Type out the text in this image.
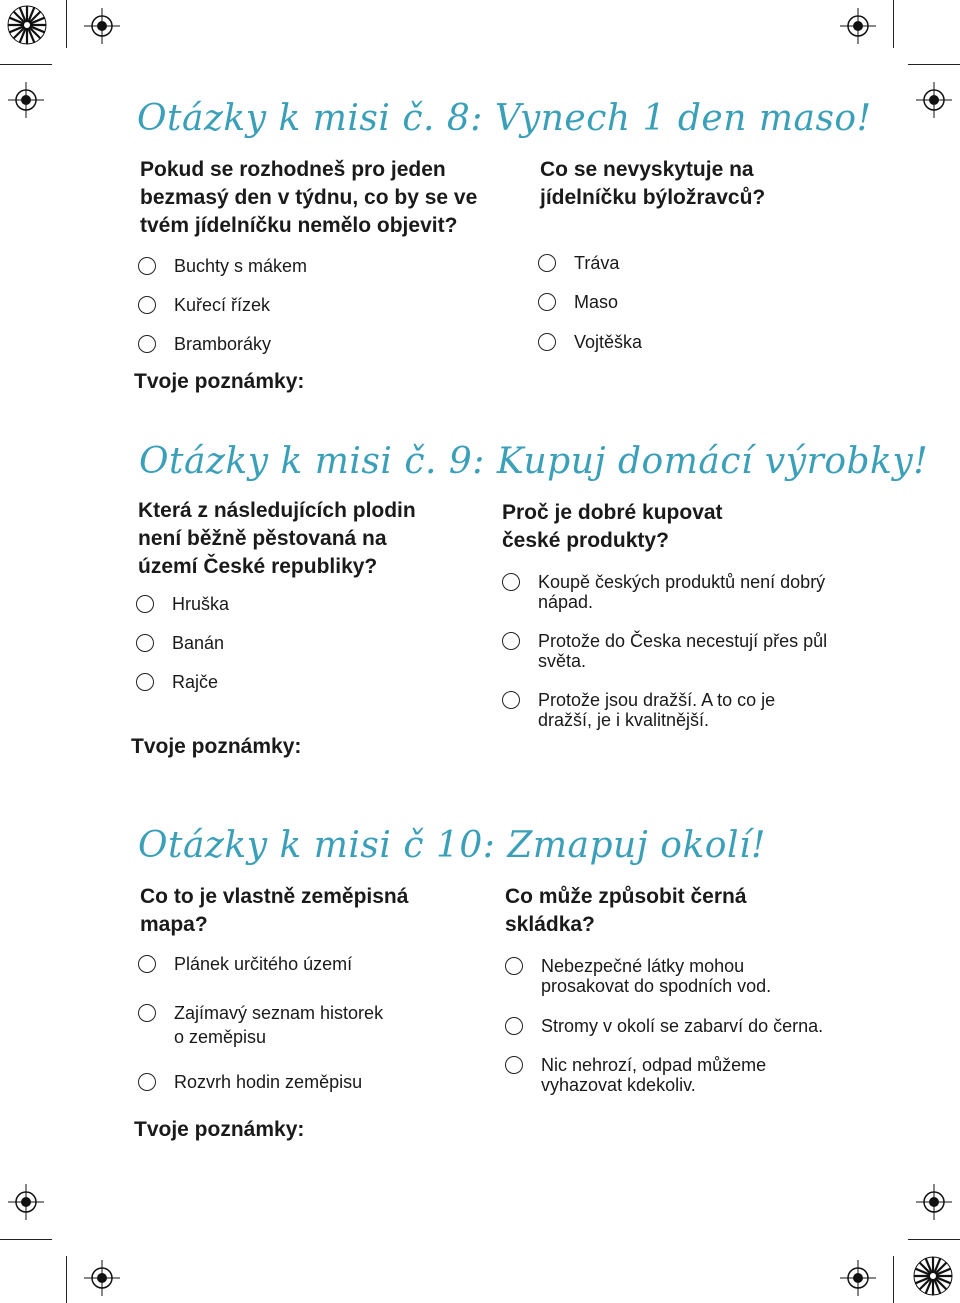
Otázky k misi č. 8: Vynech 1 den maso!
Pokud se rozhodneš pro jeden
bezmasý den v týdnu, co by se ve
tvém jídelníčku nemělo objevit?
Buchty s mákem
Kuřecí řízek
Bramboráky
Co se nevyskytuje na
jídelníčku býložravců?
Tráva
Maso
Vojtěška
Tvoje poznámky:
Otázky k misi č. 9: Kupuj domácí výrobky!
Která z následujících plodin
není běžně pěstovaná na
území České republiky?
Hruška
Banán
Rajče
Tvoje poznámky:
Proč je dobré kupovat
české produkty?
Koupě českých produktů není dobrý
nápad.
Protože do Česka necestují přes půl
světa.
Protože jsou dražší. A to co je
dražší, je i kvalitnější.
Otázky k misi č 10: Zmapuj okolí!
Co to je vlastně zeměpisná
mapa?
Plánek určitého území
Zajímavý seznam historek
o zeměpisu
Rozvrh hodin zeměpisu
Tvoje poznámky:
Co může způsobit černá
skládka?
Nebezpečné látky mohou
prosakovat do spodních vod.
Stromy v okolí se zabarví do černa.
Nic nehrozí, odpad můžeme
vyhazovat kdekoliv.
